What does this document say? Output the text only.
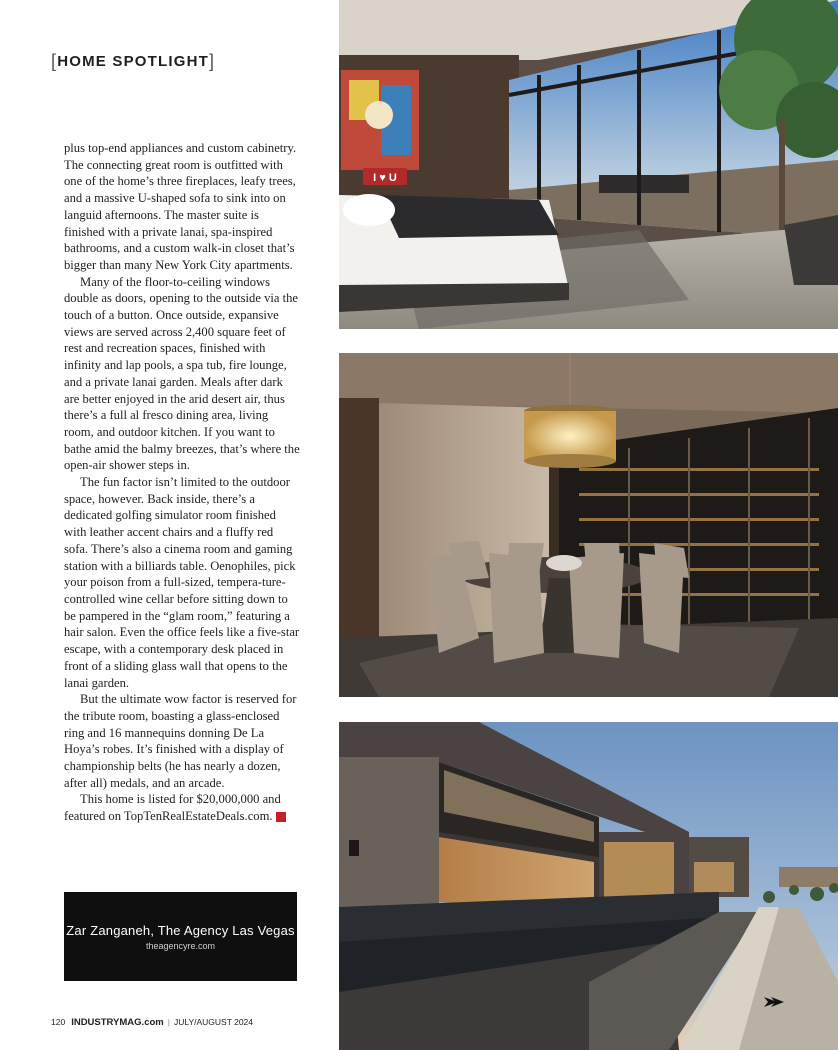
[HOME SPOTLIGHT]

plus top-end appliances and custom cabinetry. The connecting great room is outfitted with one of the home’s three fireplaces, leafy trees, and a massive U-shaped sofa to sink into on languid afternoons. The master suite is finished with a private lanai, spa-inspired bathrooms, and a custom walk-in closet that’s bigger than many New York City apartments.

Many of the floor-to-ceiling windows double as doors, opening to the outside via the touch of a button. Once outside, expansive views are served across 2,400 square feet of rest and recreation spaces, finished with infinity and lap pools, a spa tub, fire lounge, and a private lanai garden. Meals after dark are better enjoyed in the arid desert air, thus there’s a full al fresco dining area, living room, and outdoor kitchen. If you want to bathe amid the balmy breezes, that’s where the open-air shower steps in.

The fun factor isn’t limited to the outdoor space, however. Back inside, there’s a dedicated golfing simulator room finished with leather accent chairs and a fluffy red sofa. There’s also a cinema room and gaming station with a billiards table. Oenophiles, pick your poison from a full-sized, tempera-ture-controlled wine cellar before sitting down to be pampered in the “glam room,” featuring a hair salon. Even the office feels like a five-star escape, with a contemporary desk placed in front of a sliding glass wall that opens to the lanai garden.

But the ultimate wow factor is reserved for the tribute room, boasting a glass-enclosed ring and 16 mannequins donning De La Hoya’s robes. It’s finished with a display of championship belts (he has nearly a dozen, after all) medals, and an arcade.

This home is listed for $20,000,000 and featured on TopTenRealEstateDeals.com. I

Zar Zanganeh, The Agency Las Vegas
theagencyre.com
120 INDUSTRYMAG.com | JULY/AUGUST 2024
I ♥ U
